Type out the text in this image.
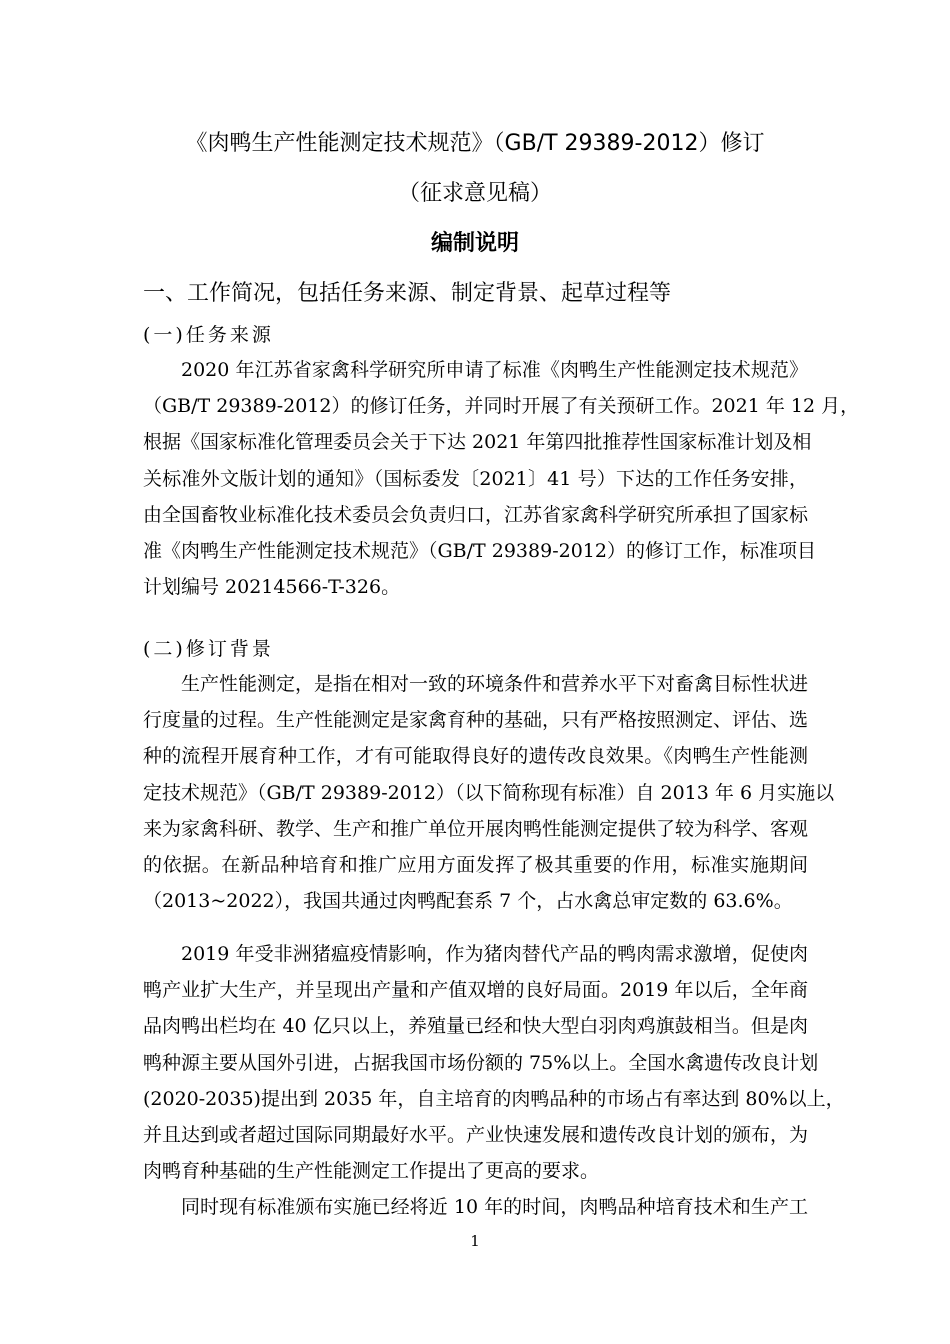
《肉鸭生产性能测定技术规范》（GB/T 29389-2012）修订
（征求意见稿）
编制说明
一、工作简况，包括任务来源、制定背景、起草过程等
(一)任务来源
2020 年江苏省家禽科学研究所申请了标准《肉鸭生产性能测定技术规范》
（GB/T 29389-2012）的修订任务，并同时开展了有关预研工作。2021 年 12 月，
根据《国家标准化管理委员会关于下达 2021 年第四批推荐性国家标准计划及相
关标准外文版计划的通知》（国标委发〔2021〕41 号）下达的工作任务安排，
由全国畜牧业标准化技术委员会负责归口，江苏省家禽科学研究所承担了国家标
准《肉鸭生产性能测定技术规范》（GB/T 29389-2012）的修订工作，标准项目
计划编号 20214566-T-326。
(二)修订背景
生产性能测定，是指在相对一致的环境条件和营养水平下对畜禽目标性状进
行度量的过程。生产性能测定是家禽育种的基础，只有严格按照测定、评估、选
种的流程开展育种工作，才有可能取得良好的遗传改良效果。《肉鸭生产性能测
定技术规范》（GB/T 29389-2012）（以下简称现有标准）自 2013 年 6 月实施以
来为家禽科研、教学、生产和推广单位开展肉鸭性能测定提供了较为科学、客观
的依据。在新品种培育和推广应用方面发挥了极其重要的作用，标准实施期间
（2013~2022），我国共通过肉鸭配套系 7 个，占水禽总审定数的 63.6%。
2019 年受非洲猪瘟疫情影响，作为猪肉替代产品的鸭肉需求激增，促使肉
鸭产业扩大生产，并呈现出产量和产值双增的良好局面。2019 年以后，全年商
品肉鸭出栏均在 40 亿只以上，养殖量已经和快大型白羽肉鸡旗鼓相当。但是肉
鸭种源主要从国外引进，占据我国市场份额的 75%以上。全国水禽遗传改良计划
(2020-2035)提出到 2035 年，自主培育的肉鸭品种的市场占有率达到 80%以上，
并且达到或者超过国际同期最好水平。产业快速发展和遗传改良计划的颁布，为
肉鸭育种基础的生产性能测定工作提出了更高的要求。
同时现有标准颁布实施已经将近 10 年的时间，肉鸭品种培育技术和生产工
1
